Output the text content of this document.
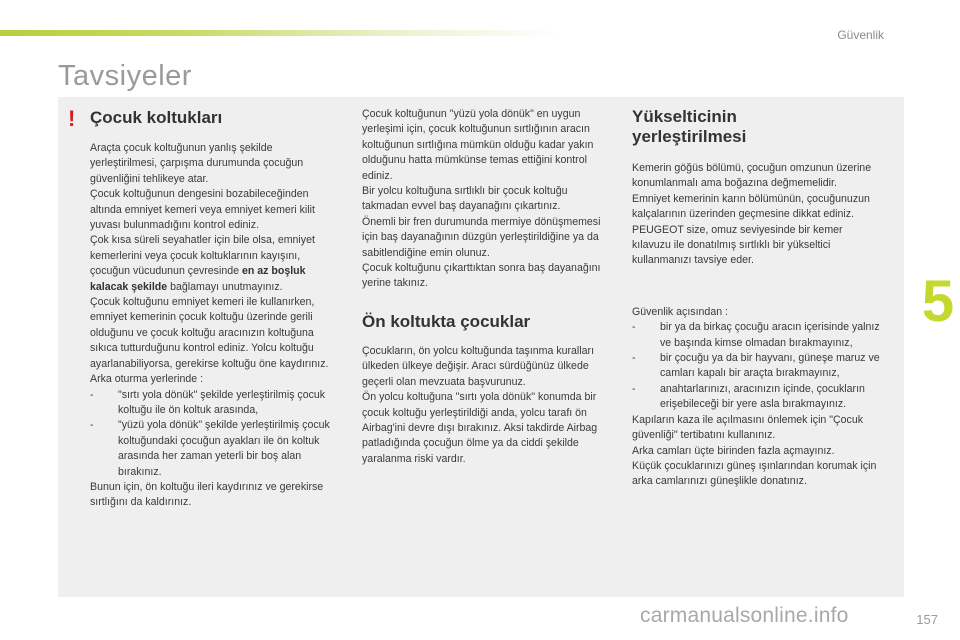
Güvenlik
Tavsiyeler
! Çocuk koltukları

Araçta çocuk koltuğunun yanlış şekilde yerleştirilmesi, çarpışma durumunda çocuğun güvenliğini tehlikeye atar.

Çocuk koltuğunun dengesini bozabileceğinden altında emniyet kemeri veya emniyet kemeri kilit yuvası bulunmadığını kontrol ediniz.

Çok kısa süreli seyahatler için bile olsa, emniyet kemerlerini veya çocuk koltuklarının kayışını, çocuğun vücudunun çevresinde en az boşluk kalacak şekilde bağlamayı unutmayınız.

Çocuk koltuğunu emniyet kemeri ile kullanırken, emniyet kemerinin çocuk koltuğu üzerinde gerili olduğunu ve çocuk koltuğu aracınızın koltuğuna sıkıca tutturduğunu kontrol ediniz. Yolcu koltuğu ayarlanabiliyorsa, gerekirse koltuğu öne kaydırınız.

Arka oturma yerlerinde :

- "sırtı yola dönük" şekilde yerleştirilmiş çocuk koltuğu ile ön koltuk arasında,
- "yüzü yola dönük" şekilde yerleştirilmiş çocuk koltuğundaki çocuğun ayakları ile ön koltuk arasında her zaman yeterli bir boş alan bırakınız.

Bunun için, ön koltuğu ileri kaydırınız ve gerekirse sırtlığını da kaldırınız.

Çocuk koltuğunun "yüzü yola dönük" en uygun yerleşimi için, çocuk koltuğunun sırtlığının aracın koltuğunun sırtlığına mümkün olduğu kadar yakın olduğunu hatta mümkünse temas ettiğini kontrol ediniz.

Bir yolcu koltuğuna sırtlıklı bir çocuk koltuğu takmadan evvel baş dayanağını çıkartınız.

Önemli bir fren durumunda mermiye dönüşmemesi için baş dayanağının düzgün yerleştirildiğine ya da sabitlendiğine emin olunuz.

Çocuk koltuğunu çıkarttıktan sonra baş dayanağını yerine takınız.

Ön koltukta çocuklar

Çocukların, ön yolcu koltuğunda taşınma kuralları ülkeden ülkeye değişir. Aracı sürdüğünüz ülkede geçerli olan mevzuata başvurunuz.

Ön yolcu koltuğuna "sırtı yola dönük" konumda bir çocuk koltuğu yerleştirildiği anda, yolcu tarafı ön Airbag'ini devre dışı bırakınız. Aksi takdirde Airbag patladığında çocuğun ölme ya da ciddi şekilde yaralanma riski vardır.

Yükselticinin
yerleştirilmesi

Kemerin göğüs bölümü, çocuğun omzunun üzerine konumlanmalı ama boğazına değmemelidir.

Emniyet kemerinin karın bölümünün, çocuğunuzun kalçalarının üzerinden geçmesine dikkat ediniz.

PEUGEOT size, omuz seviyesinde bir kemer kılavuzu ile donatılmış sırtlıklı bir yükseltici kullanmanızı tavsiye eder.

Güvenlik açısından :

- bir ya da birkaç çocuğu aracın içerisinde yalnız ve başında kimse olmadan bırakmayınız,
- bir çocuğu ya da bir hayvanı, güneşe maruz ve camları kapalı bir araçta bırakmayınız,
- anahtarlarınızı, aracınızın içinde, çocukların erişebileceği bir yere asla bırakmayınız.

Kapıların kaza ile açılmasını önlemek için "Çocuk güvenliği" tertibatını kullanınız.

Arka camları üçte birinden fazla açmayınız.

Küçük çocuklarınızı güneş ışınlarından korumak için arka camlarınızı güneşlikle donatınız.

5
carmanualsonline.info	157
